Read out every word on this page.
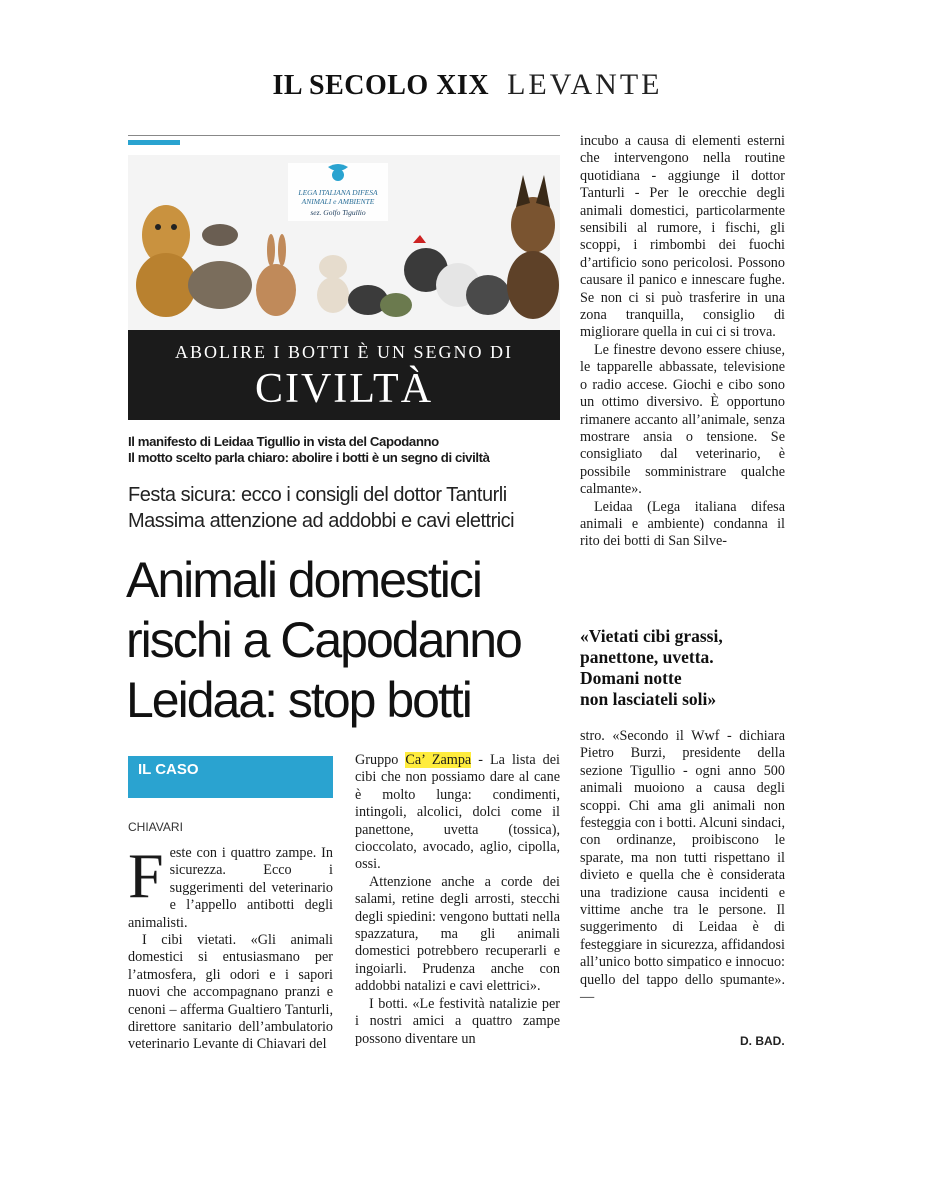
IL SECOLO XIX LEVANTE
LEGA ITALIANA DIFESA
ANIMALI e AMBIENTE
sez. Golfo Tigullio
ABOLIRE I BOTTI È UN SEGNO DI
CIVILTÀ
Il manifesto di Leidaa Tigullio in vista del Capodanno
Il motto scelto parla chiaro: abolire i botti è un segno di civiltà
Festa sicura: ecco i consigli del dottor Tanturli
Massima attenzione ad addobbi e cavi elettrici
Animali domestici
rischi a Capodanno
Leidaa: stop botti
IL CASO
CHIAVARI

Feste con i quattro zampe. In sicurezza. Ecco i suggerimenti del veterinario e l’appello antibotti degli animalisti.

I cibi vietati. «Gli animali domestici si entusiasmano per l’atmosfera, gli odori e i sapori nuovi che accompagnano pranzi e cenoni – afferma Gualtiero Tanturli, direttore sanitario dell’ambulatorio veterinario Levante di Chiavari del

Gruppo Ca’ Zampa - La lista dei cibi che non possiamo dare al cane è molto lunga: condimenti, intingoli, alcolici, dolci come il panettone, uvetta (tossica), cioccolato, avocado, aglio, cipolla, ossi.

Attenzione anche a corde dei salami, retine degli arrosti, stecchi degli spiedini: vengono buttati nella spazzatura, ma gli animali domestici potrebbero recuperarli e ingoiarli. Prudenza anche con addobbi natalizi e cavi elettrici».

I botti. «Le festività natalizie per i nostri amici a quattro zampe possono diventare un

incubo a causa di elementi esterni che intervengono nella routine quotidiana - aggiunge il dottor Tanturli - Per le orecchie degli animali domestici, particolarmente sensibili al rumore, i fischi, gli scoppi, i rimbombi dei fuochi d’artificio sono pericolosi. Possono causare il panico e innescare fughe. Se non ci si può trasferire in una zona tranquilla, consiglio di migliorare quella in cui ci si trova.

Le finestre devono essere chiuse, le tapparelle abbassate, televisione o radio accese. Giochi e cibo sono un ottimo diversivo. È opportuno rimanere accanto all’animale, senza mostrare ansia o tensione. Se consigliato dal veterinario, è possibile somministrare qualche calmante».

Leidaa (Lega italiana difesa animali e ambiente) condanna il rito dei botti di San Silve-

«Vietati cibi grassi,
panettone, uvetta.
Domani notte
non lasciateli soli»

stro. «Secondo il Wwf - dichiara Pietro Burzi, presidente della sezione Tigullio - ogni anno 500 animali muoiono a causa degli scoppi. Chi ama gli animali non festeggia con i botti. Alcuni sindaci, con ordinanze, proibiscono le sparate, ma non tutti rispettano il divieto e quella che è considerata una tradizione causa incidenti e vittime anche tra le persone. Il suggerimento di Leidaa è di festeggiare in sicurezza, affidandosi all’unico botto simpatico e innocuo: quello del tappo dello spumante». —

D. BAD.
